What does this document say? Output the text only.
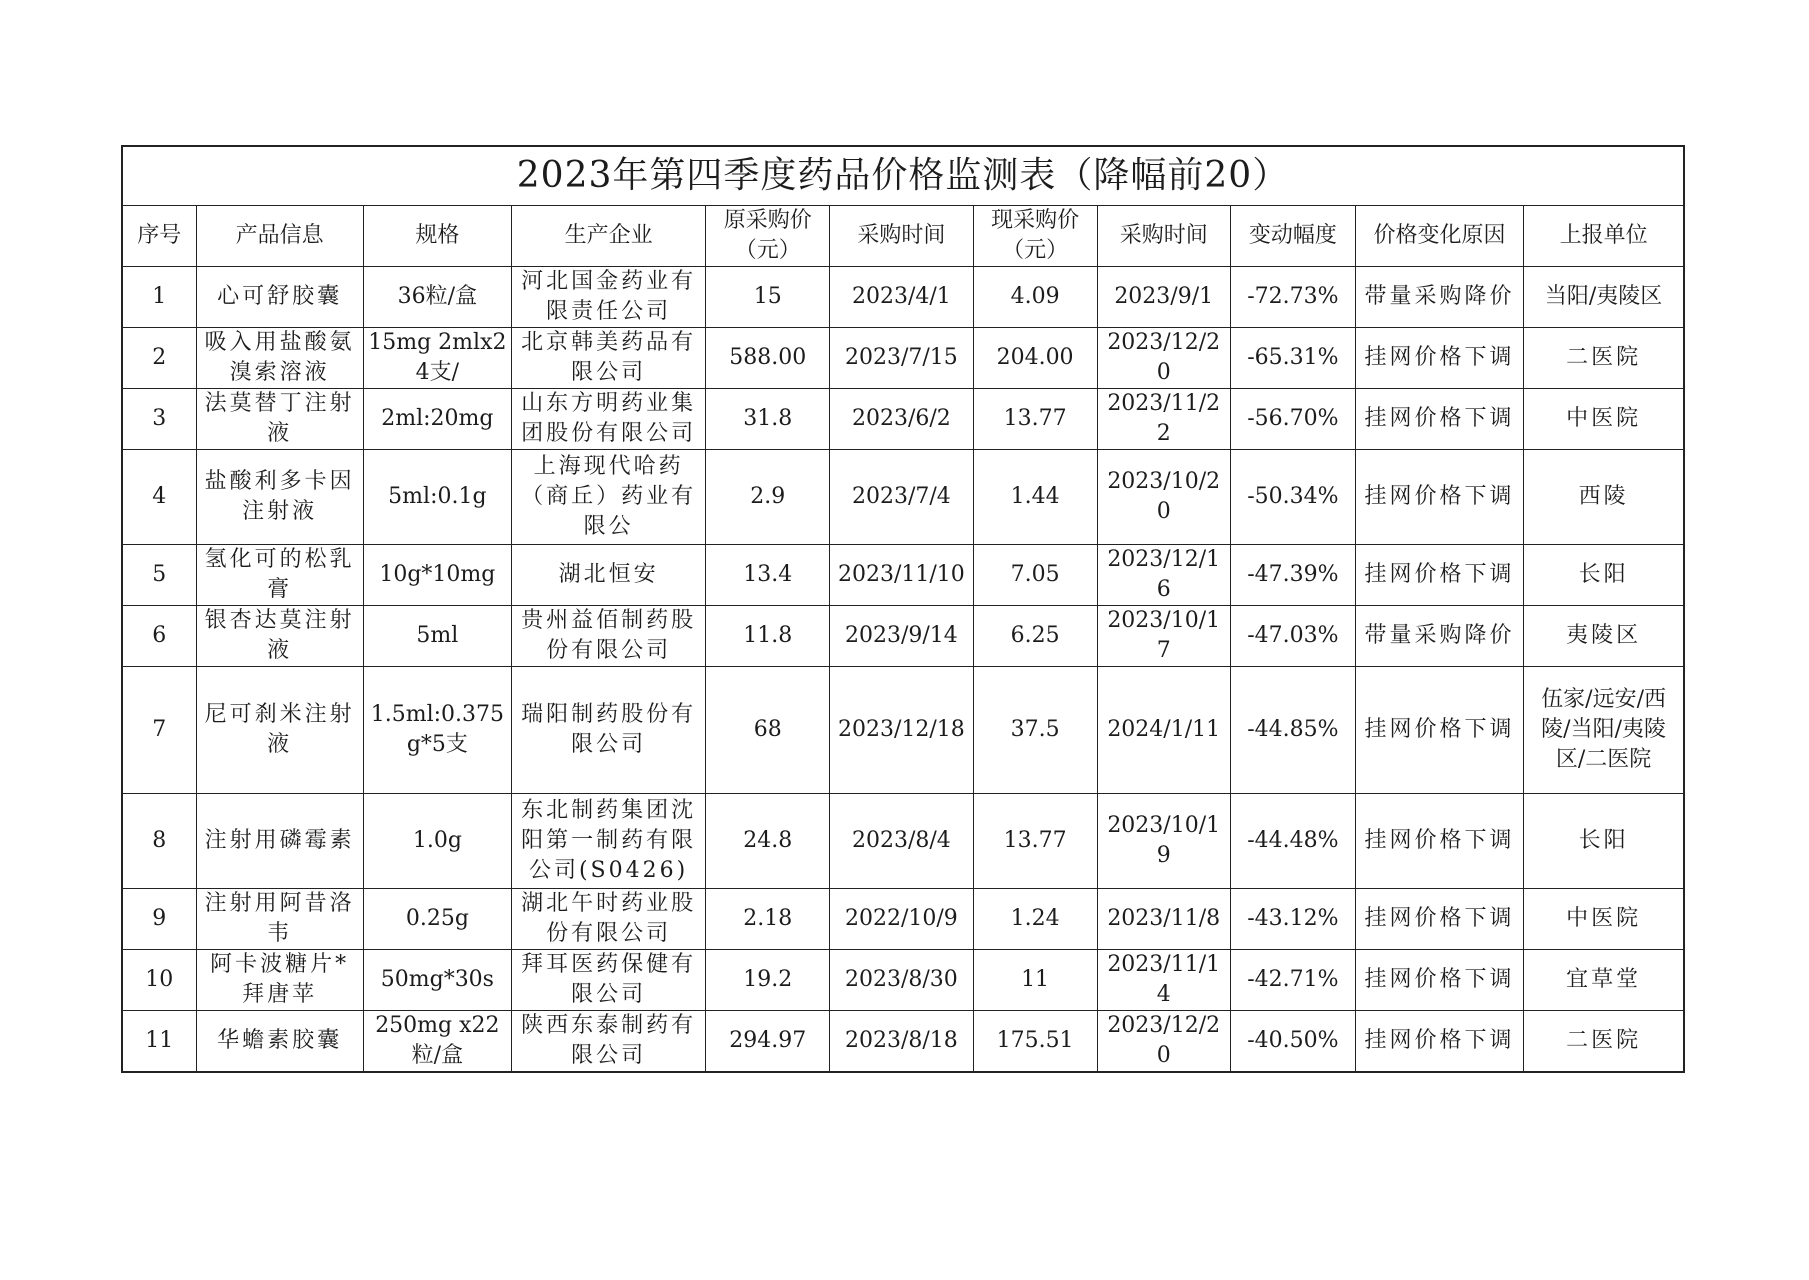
2023年第四季度药品价格监测表（降幅前20）										
序号	产品信息	规格	生产企业	原采购价（元）	采购时间	现采购价（元）	采购时间	变动幅度	价格变化原因	上报单位
1	心可舒胶囊	36粒/盒	河北国金药业有限责任公司	15	2023/4/1	4.09	2023/9/1	-72.73%	带量采购降价	当阳/夷陵区
2	吸入用盐酸氨溴索溶液	15mg 2mlx24支/	北京韩美药品有限公司	588.00	2023/7/15	204.00	2023/12/20	-65.31%	挂网价格下调	二医院
3	法莫替丁注射液	2ml:20mg	山东方明药业集团股份有限公司	31.8	2023/6/2	13.77	2023/11/22	-56.70%	挂网价格下调	中医院
4	盐酸利多卡因注射液	5ml:0.1g	上海现代哈药（商丘）药业有限公	2.9	2023/7/4	1.44	2023/10/20	-50.34%	挂网价格下调	西陵
5	氢化可的松乳膏	10g*10mg	湖北恒安	13.4	2023/11/10	7.05	2023/12/16	-47.39%	挂网价格下调	长阳
6	银杏达莫注射液	5ml	贵州益佰制药股份有限公司	11.8	2023/9/14	6.25	2023/10/17	-47.03%	带量采购降价	夷陵区
7	尼可刹米注射液	1.5ml:0.375g*5支	瑞阳制药股份有限公司	68	2023/12/18	37.5	2024/1/11	-44.85%	挂网价格下调	伍家/远安/西陵/当阳/夷陵区/二医院
8	注射用磷霉素	1.0g	东北制药集团沈阳第一制药有限公司(S0426)	24.8	2023/8/4	13.77	2023/10/19	-44.48%	挂网价格下调	长阳
9	注射用阿昔洛韦	0.25g	湖北午时药业股份有限公司	2.18	2022/10/9	1.24	2023/11/8	-43.12%	挂网价格下调	中医院
10	阿卡波糖片*拜唐苹	50mg*30s	拜耳医药保健有限公司	19.2	2023/8/30	11	2023/11/14	-42.71%	挂网价格下调	宜草堂
11	华蟾素胶囊	250mg x22粒/盒	陕西东泰制药有限公司	294.97	2023/8/18	175.51	2023/12/20	-40.50%	挂网价格下调	二医院
